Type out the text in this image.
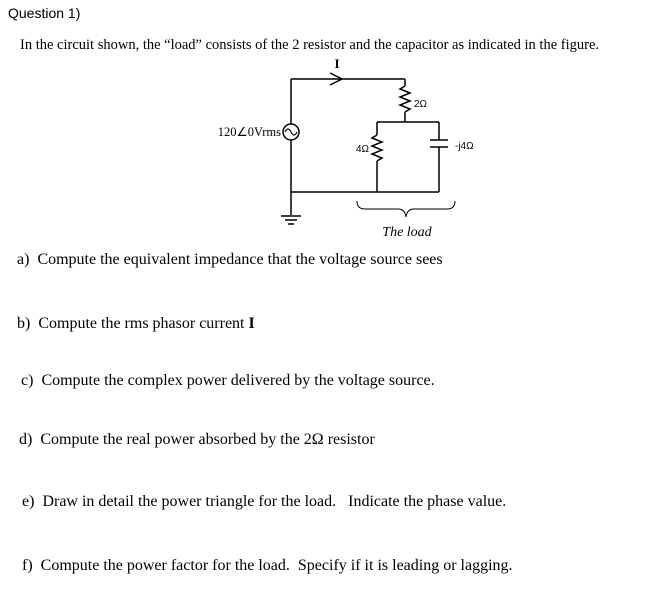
Question 1)
In the circuit shown, the “load” consists of the 2 resistor and the capacitor as indicated in the figure.
I
120∠0Vrms
2Ω
4Ω	-j4Ω
The load
a) Compute the equivalent impedance that the voltage source sees
b) Compute the rms phasor current I
c) Compute the complex power delivered by the voltage source.
d) Compute the real power absorbed by the 2Ω resistor
e) Draw in detail the power triangle for the load.   Indicate the phase value.
f) Compute the power factor for the load.  Specify if it is leading or lagging.
